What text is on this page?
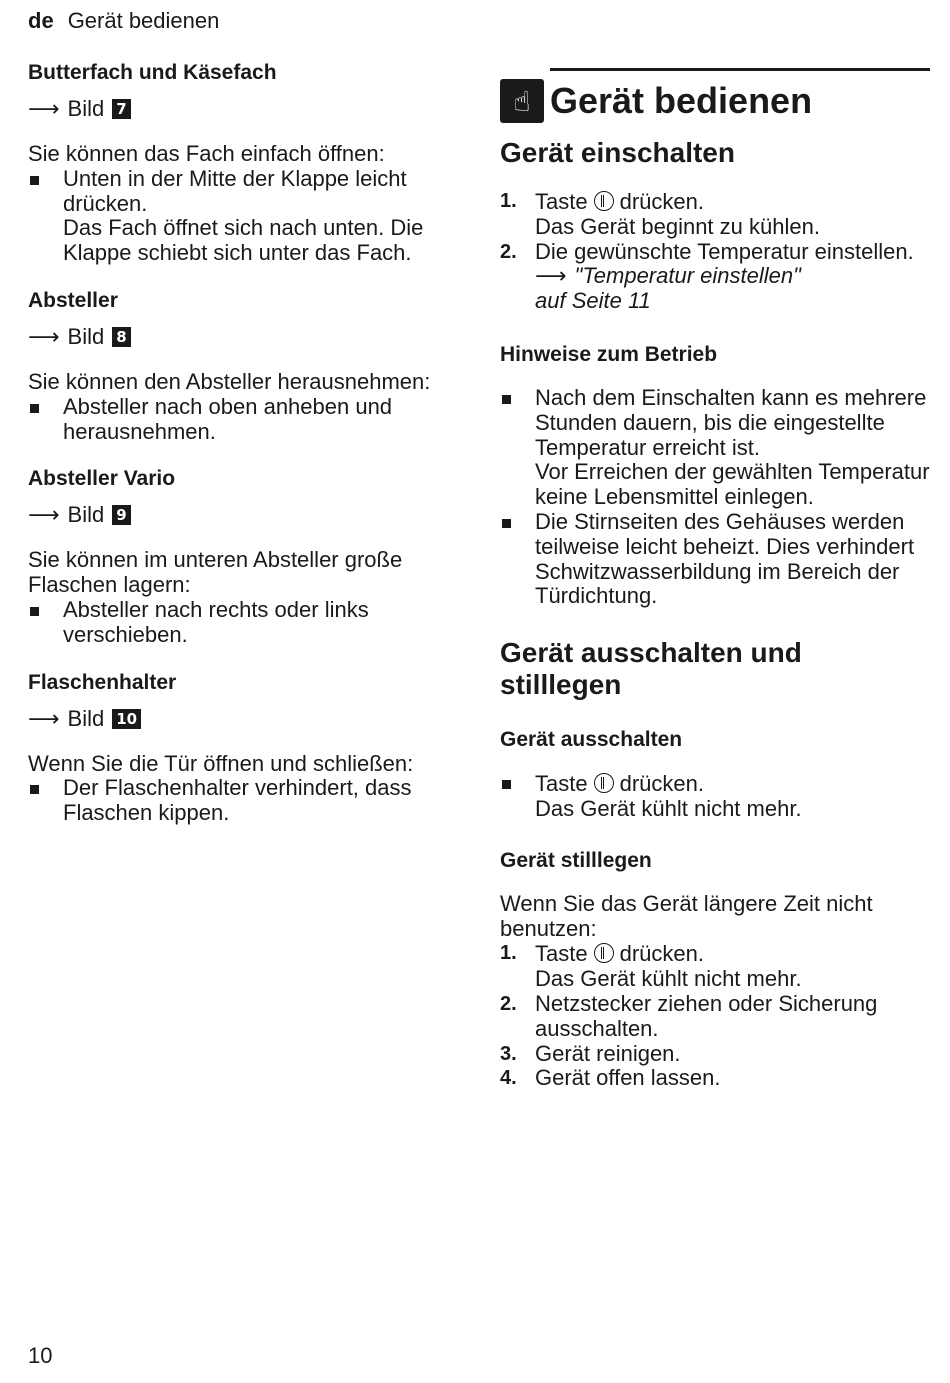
de Gerät bedienen
Butterfach und Käsefach
⟶ Bild 7

Sie können das Fach einfach öffnen:

Unten in der Mitte der Klappe leicht drücken.
Das Fach öffnet sich nach unten. Die Klappe schiebt sich unter das Fach.
Absteller
⟶ Bild 8

Sie können den Absteller herausnehmen:

Absteller nach oben anheben und herausnehmen.
Absteller Vario
⟶ Bild 9

Sie können im unteren Absteller große Flaschen lagern:

Absteller nach rechts oder links verschieben.
Flaschenhalter
⟶ Bild 10

Wenn Sie die Tür öffnen und schließen:

Der Flaschenhalter verhindert, dass Flaschen kippen.
☝ Gerät bedienen
Gerät einschalten
1. Taste drücken.
Das Gerät beginnt zu kühlen.
2. Die gewünschte Temperatur einstellen.
⟶ "Temperatur einstellen"
auf Seite 11
Hinweise zum Betrieb
Nach dem Einschalten kann es mehrere Stunden dauern, bis die eingestellte Temperatur erreicht ist.
Vor Erreichen der gewählten Temperatur keine Lebensmittel einlegen.
Die Stirnseiten des Gehäuses werden teilweise leicht beheizt. Dies verhindert Schwitzwasserbildung im Bereich der Türdichtung.
Gerät ausschalten und stilllegen
Gerät ausschalten
Taste drücken.
Das Gerät kühlt nicht mehr.
Gerät stilllegen

Wenn Sie das Gerät längere Zeit nicht benutzen:

1. Taste drücken.
Das Gerät kühlt nicht mehr.
2. Netzstecker ziehen oder Sicherung ausschalten.
3. Gerät reinigen.
4. Gerät offen lassen.
10
